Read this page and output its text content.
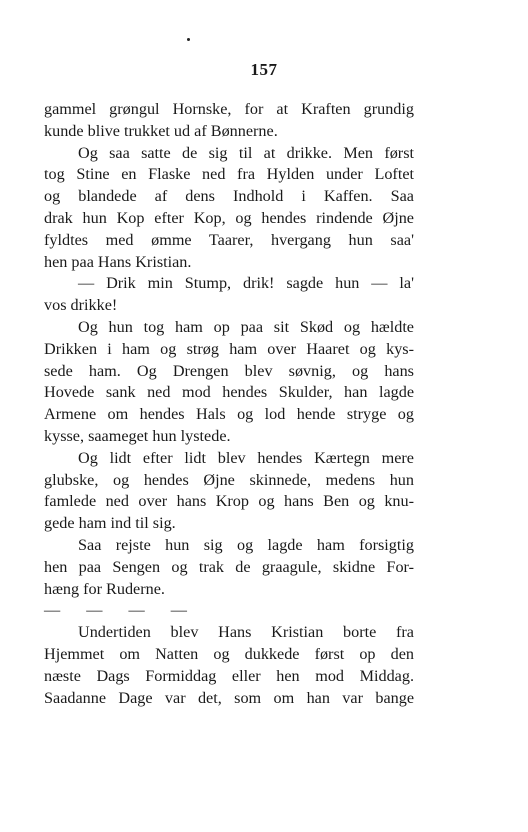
157
gammel grøngul Hornske, for at Kraften grundig
kunde blive trukket ud af Bønnerne.
Og saa satte de sig til at drikke. Men først
tog Stine en Flaske ned fra Hylden under Loftet
og blandede af dens Indhold i Kaffen. Saa
drak hun Kop efter Kop, og hendes rindende Øjne
fyldtes med ømme Taarer, hvergang hun saa'
hen paa Hans Kristian.
— Drik min Stump, drik! sagde hun — la'
vos drikke!
Og hun tog ham op paa sit Skød og hældte
Drikken i ham og strøg ham over Haaret og kys-
sede ham. Og Drengen blev søvnig, og hans
Hovede sank ned mod hendes Skulder, han lagde
Armene om hendes Hals og lod hende stryge og
kysse, saameget hun lystede.
Og lidt efter lidt blev hendes Kærtegn mere
glubske, og hendes Øjne skinnede, medens hun
famlede ned over hans Krop og hans Ben og knu-
gede ham ind til sig.
Saa rejste hun sig og lagde ham forsigtig
hen paa Sengen og trak de graagule, skidne For-
hæng for Ruderne.
— — — —
Undertiden blev Hans Kristian borte fra
Hjemmet om Natten og dukkede først op den
næste Dags Formiddag eller hen mod Middag.
Saadanne Dage var det, som om han var bange
